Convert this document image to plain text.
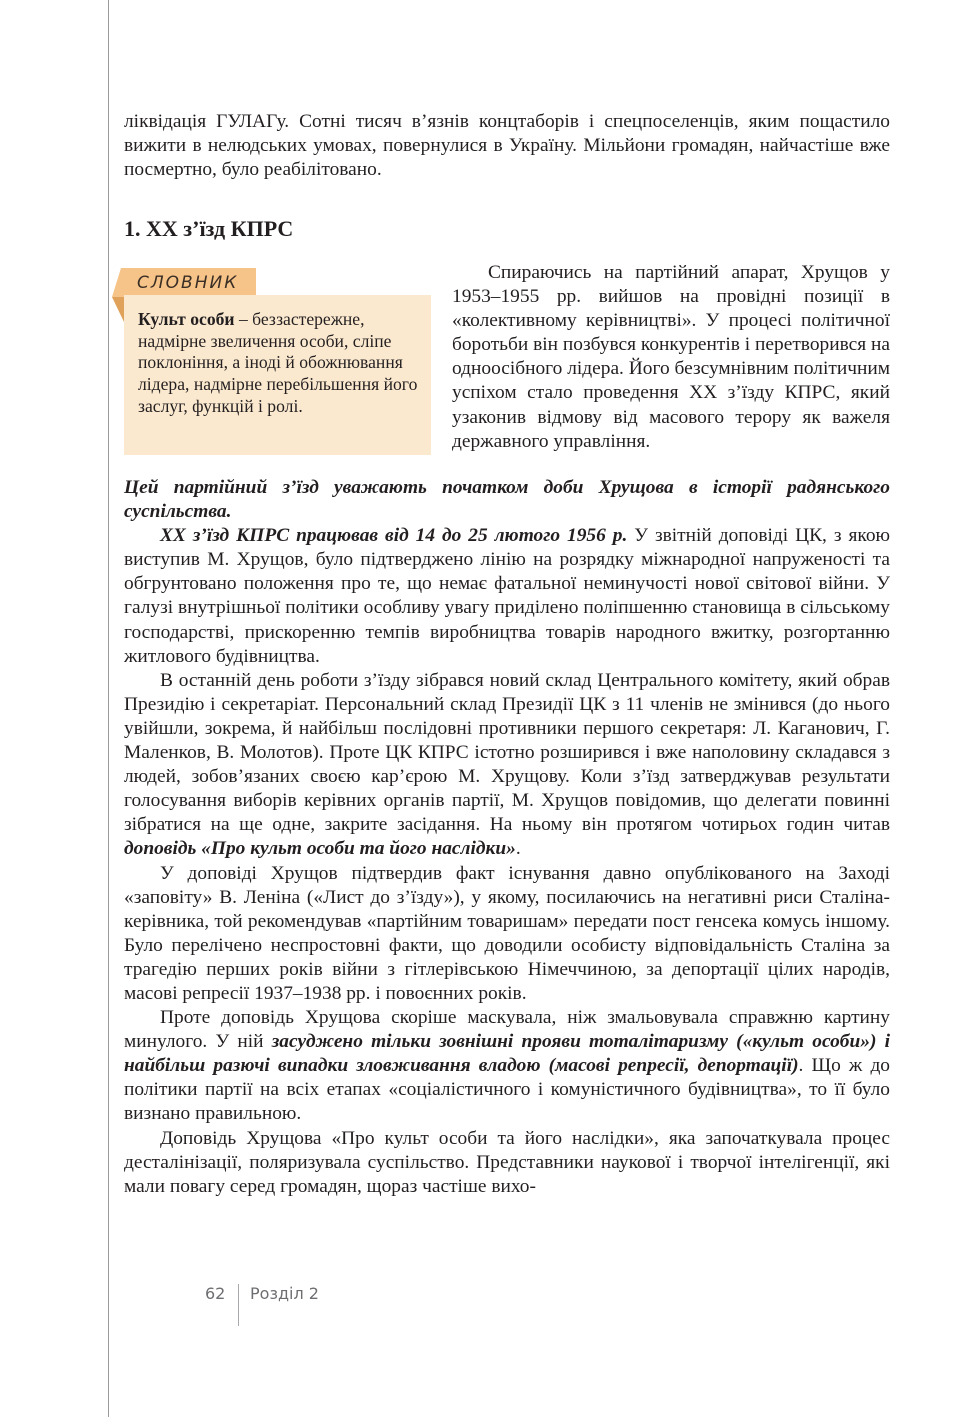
ліквідація ГУЛАГу. Сотні тисяч в’язнів концтаборів і спецпоселенців, яким пощастило вижити в нелюдських умовах, повернулися в Україну. Мільйони громадян, найчастіше вже посмертно, було реабілітовано.

1. XX з’їзд КПРС
СЛОВНИК
Культ особи – беззастережне, надмірне звеличення особи, сліпе поклоніння, а іноді й обожнювання лідера, надмірне перебільшення його заслуг, функцій і ролі.

Спираючись на партійний апарат, Хрущов у 1953–1955 рр. вийшов на провідні позиції в «колективному керівництві». У процесі політичної боротьби він позбувся конкурентів і перетворився на одноосібного лідера. Його безсумнівним політичним успіхом стало проведення XX з’їзду КПРС, який узаконив відмову від масового терору як важеля державного управління.

Цей партійний з’їзд уважають початком доби Хрущова в історії радянського суспільства.

XX з’їзд КПРС працював від 14 до 25 лютого 1956 р. У звітній доповіді ЦК, з якою виступив М. Хрущов, було підтверджено лінію на розрядку міжнародної напруженості та обгрунтовано положення про те, що немає фатальної неминучості нової світової війни. У галузі внутрішньої політики особливу увагу приділено поліпшенню становища в сільському господарстві, прискоренню темпів виробництва товарів народного вжитку, розгортанню житлового будівництва.

В останній день роботи з’їзду зібрався новий склад Центрального комітету, який обрав Президію і секретаріат. Персональний склад Президії ЦК з 11 членів не змінився (до нього увійшли, зокрема, й найбільш послідовні противники першого секретаря: Л. Каганович, Г. Маленков, В. Молотов). Проте ЦК КПРС істотно розширився і вже наполовину складався з людей, зобов’язаних своєю кар’єрою М. Хрущову. Коли з’їзд затверджував результати голосування виборів керівних органів партії, М. Хрущов повідомив, що делегати повинні зібратися на ще одне, закрите засідання. На ньому він протягом чотирьох годин читав доповідь «Про культ особи та його наслідки».

У доповіді Хрущов підтвердив факт існування давно опублікованого на Заході «заповіту» В. Леніна («Лист до з’їзду»), у якому, посилаючись на негативні риси Сталіна-керівника, той рекомендував «партійним товаришам» передати пост генсека комусь іншому. Було перелічено неспростовні факти, що доводили особисту відповідальність Сталіна за трагедію перших років війни з гітлерівською Німеччиною, за депортації цілих народів, масові репресії 1937–1938 рр. і повоєнних років.

Проте доповідь Хрущова скоріше маскувала, ніж змальовувала справжню картину минулого. У ній засуджено тільки зовнішні прояви тоталітаризму («культ особи») і найбільш разючі випадки зловживання владою (масові репресії, депортації). Що ж до політики партії на всіх етапах «соціалістичного і комуністичного будівництва», то її було визнано правильною.

Доповідь Хрущова «Про культ особи та його наслідки», яка започаткувала процес десталінізації, поляризувала суспільство. Представники наукової і творчої інтелігенції, які мали повагу серед громадян, щораз частіше вихо-

62 Розділ 2
